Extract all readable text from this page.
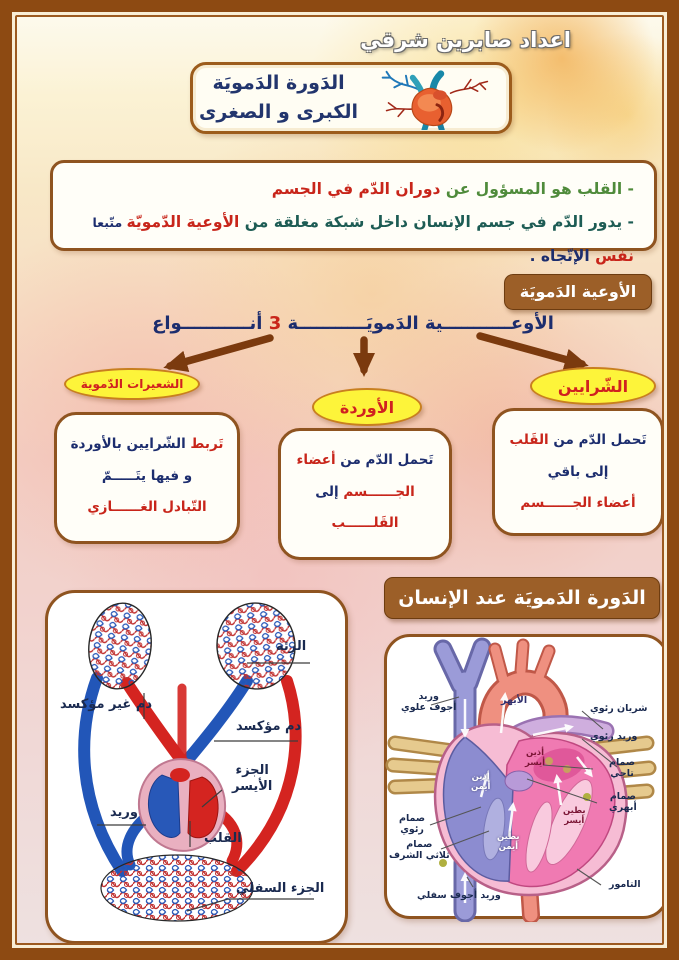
اعداد صابرين شرقي
الدَورة الدَمويَة
الكبرى و الصغرى
- القلب هو المسؤول عن دوران الدّم في الجسم
- يدور الدّم في جسم الإنسان داخل شبكة مغلقة من الأوعية الدّمويّة متّبعا نفس الإتّجاه .
الأوعية الدَمويَة
الأوعـــــــــــية الدَمويَـــــــــــة 3 أنـــــــــــواع
الشعيرات الدّموية
الأوردة
الشّرايين
تَربط الشّرايين بالأوردة
و فيها يتَـــــمّ
التّبادل الغــــــازي
تَحمل الدّم من أعضاء
الجــــــسم إلى
القَلــــــب
تَحمل الدّم من القَلب
إلى باقي
أعضاء الجــــــسم
الدَورة الدَمويَة عند الإنسان
الرئة
دم غير مؤكسد
دم مؤكسد
الجزء
الأيسر
وريد
القلب
الجزء السفلي
وريد
أجوف علوي
الأبهر
شريان رئوي
وريد رئوي
صمام
تاجي
صمام
أبهري
التامور
صمام
رئوي
صمام
ثلاثي الشرف
وريد أجوف سفلي
أذين
أيمن
أذين
أيسر
بطين
أيمن
بطين
أيسر
